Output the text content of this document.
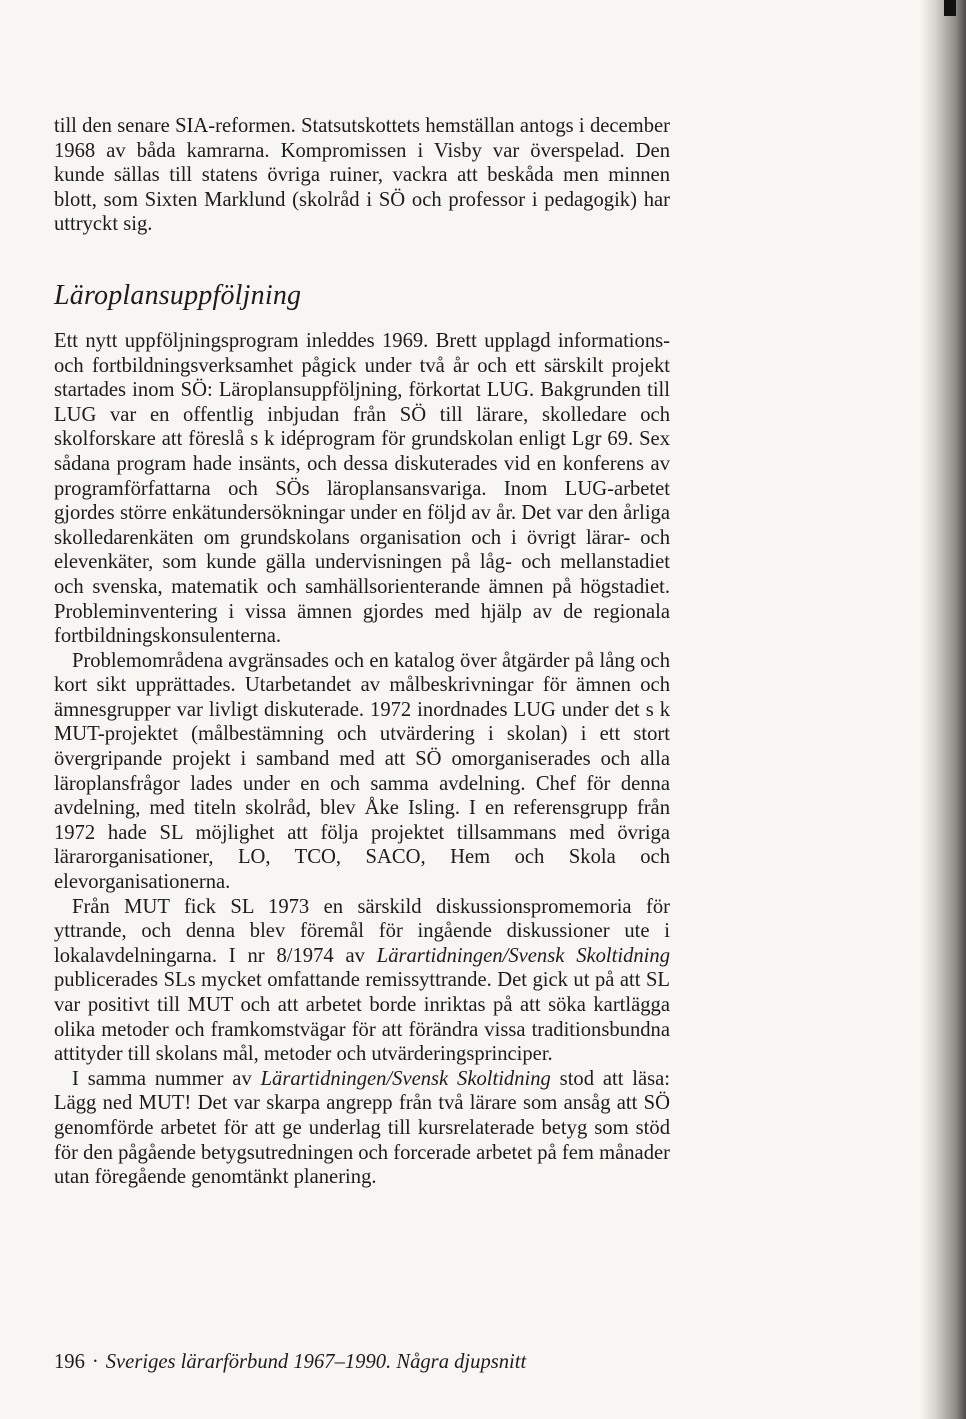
till den senare SIA-reformen. Statsutskottets hemställan antogs i december 1968 av båda kamrarna. Kompromissen i Visby var överspelad. Den kunde sällas till statens övriga ruiner, vackra att beskåda men minnen blott, som Sixten Marklund (skolråd i SÖ och professor i pedagogik) har uttryckt sig.

Läroplansuppföljning

Ett nytt uppföljningsprogram inleddes 1969. Brett upplagd informations- och fortbildningsverksamhet pågick under två år och ett särskilt projekt startades inom SÖ: Läroplansuppföljning, förkortat LUG. Bakgrunden till LUG var en offentlig inbjudan från SÖ till lärare, skolledare och skolforskare att föreslå s k idéprogram för grundskolan enligt Lgr 69. Sex sådana program hade insänts, och dessa diskuterades vid en konferens av programförfattarna och SÖs läroplansansvariga. Inom LUG-arbetet gjordes större enkätundersökningar under en följd av år. Det var den årliga skolledarenkäten om grundskolans organisation och i övrigt lärar- och elevenkäter, som kunde gälla undervisningen på låg- och mellanstadiet och svenska, matematik och samhällsorienterande ämnen på högstadiet. Probleminventering i vissa ämnen gjordes med hjälp av de regionala fortbildningskonsulenterna.

Problemområdena avgränsades och en katalog över åtgärder på lång och kort sikt upprättades. Utarbetandet av målbeskrivningar för ämnen och ämnesgrupper var livligt diskuterade. 1972 inordnades LUG under det s k MUT-projektet (målbestämning och utvärdering i skolan) i ett stort övergripande projekt i samband med att SÖ omorganiserades och alla läroplansfrågor lades under en och samma avdelning. Chef för denna avdelning, med titeln skolråd, blev Åke Isling. I en referensgrupp från 1972 hade SL möjlighet att följa projektet tillsammans med övriga lärarorganisationer, LO, TCO, SACO, Hem och Skola och elevorganisationerna.

Från MUT fick SL 1973 en särskild diskussionspromemoria för yttrande, och denna blev föremål för ingående diskussioner ute i lokalavdelningarna. I nr 8/1974 av Lärartidningen/Svensk Skoltidning publicerades SLs mycket omfattande remissyttrande. Det gick ut på att SL var positivt till MUT och att arbetet borde inriktas på att söka kartlägga olika metoder och framkomstvägar för att förändra vissa traditionsbundna attityder till skolans mål, metoder och utvärderingsprinciper.

I samma nummer av Lärartidningen/Svensk Skoltidning stod att läsa: Lägg ned MUT! Det var skarpa angrepp från två lärare som ansåg att SÖ genomförde arbetet för att ge underlag till kursrelaterade betyg som stöd för den pågående betygsutredningen och forcerade arbetet på fem månader utan föregående genomtänkt planering.

196 · Sveriges lärarförbund 1967–1990. Några djupsnitt
